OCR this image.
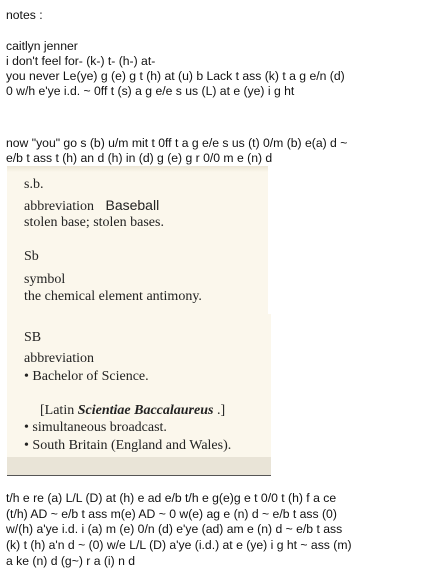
notes :
caitlyn jenner
i don't feel for- (k-) t- (h-) at-
you never Le(ye) g (e) g t (h) at (u) b Lack t ass (k) t a g e/n (d)
0 w/h e'ye i.d. ~ 0ff t (s) a g e/e s us (L) at e (ye) i g ht
now "you" go s (b) u/m mit t 0ff t a g e/e s us (t) 0/m (b) e(a) d ~
e/b t ass t (h) an d (h) in (d) g (e) g r 0/0 m e (n) d
s.b.
abbreviation Baseball
stolen base; stolen bases.
Sb
symbol
the chemical element antimony.
SB
abbreviation
• Bachelor of Science.
[Latin Scientiae Baccalaureus .]
• simultaneous broadcast.
• South Britain (England and Wales).
t/h e re (a) L/L (D) at (h) e ad e/b t/h e g(e)g e t 0/0 t (h) f a ce
(t/h) AD ~ e/b t ass m(e) AD ~ 0 w(e) ag e (n) d ~ e/b t ass (0)
w/(h) a'ye i.d. i (a) m (e) 0/n (d) e'ye (ad) am e (n) d ~ e/b t ass
(k) t (h) a'n d ~ (0) w/e L/L (D) a'ye (i.d.) at e (ye) i g ht ~ ass (m)
a ke (n) d (g~) r a (i) n d
